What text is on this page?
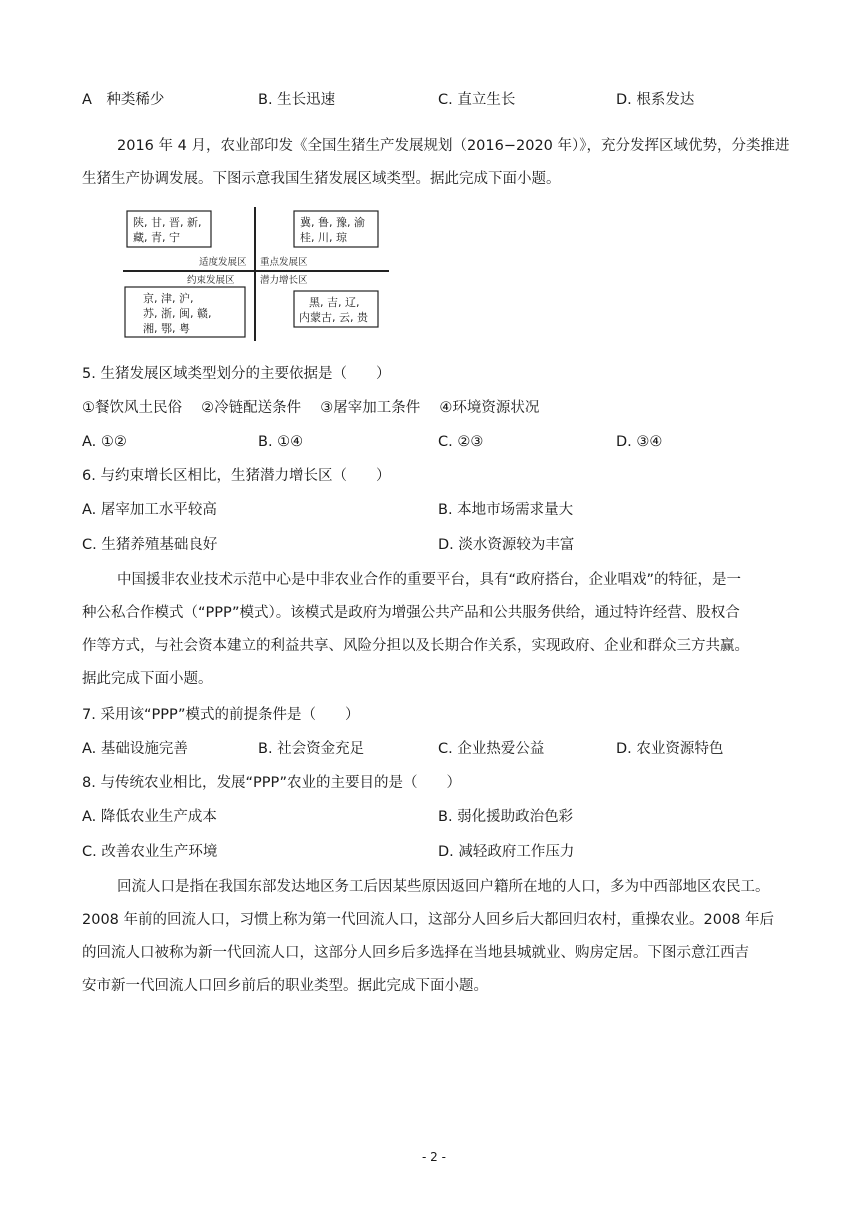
A　种类稀少	B. 生长迅速	C. 直立生长	D. 根系发达

2016 年 4 月，农业部印发《全国生猪生产发展规划（2016−2020 年）》，充分发挥区域优势，分类推进

生猪生产协调发展。下图示意我国生猪发展区域类型。据此完成下面小题。

陕, 甘, 晋, 新,
藏, 青, 宁
冀, 鲁, 豫, 渝
桂, 川, 琼
京, 津, 沪,
苏, 浙, 闽, 赣,
湘, 鄂, 粤
黑, 吉, 辽,
内蒙古, 云, 贵
适度发展区 重点发展区
约束发展区	潜力增长区
5. 生猪发展区域类型划分的主要依据是（　　）
①餐饮风土民俗　 ②冷链配送条件　 ③屠宰加工条件　 ④环境资源状况
A. ①②	B. ①④	C. ②③	D. ③④
6. 与约束增长区相比，生猪潜力增长区（　　）
A. 屠宰加工水平较高	B. 本地市场需求量大
C. 生猪养殖基础良好	D. 淡水资源较为丰富

中国援非农业技术示范中心是中非农业合作的重要平台，具有“政府搭台，企业唱戏”的特征，是一

种公私合作模式（“PPP”模式）。该模式是政府为增强公共产品和公共服务供给，通过特许经营、股权合

作等方式，与社会资本建立的利益共享、风险分担以及长期合作关系，实现政府、企业和群众三方共赢。

据此完成下面小题。

7. 采用该“PPP”模式的前提条件是（　　）
A. 基础设施完善	B. 社会资金充足	C. 企业热爱公益	D. 农业资源特色
8. 与传统农业相比，发展“PPP”农业的主要目的是（　　）
A. 降低农业生产成本	B. 弱化援助政治色彩
C. 改善农业生产环境	D. 减轻政府工作压力

回流人口是指在我国东部发达地区务工后因某些原因返回户籍所在地的人口，多为中西部地区农民工。

2008 年前的回流人口，习惯上称为第一代回流人口，这部分人回乡后大都回归农村，重操农业。2008 年后

的回流人口被称为新一代回流人口，这部分人回乡后多选择在当地县城就业、购房定居。下图示意江西吉

安市新一代回流人口回乡前后的职业类型。据此完成下面小题。

- 2 -
